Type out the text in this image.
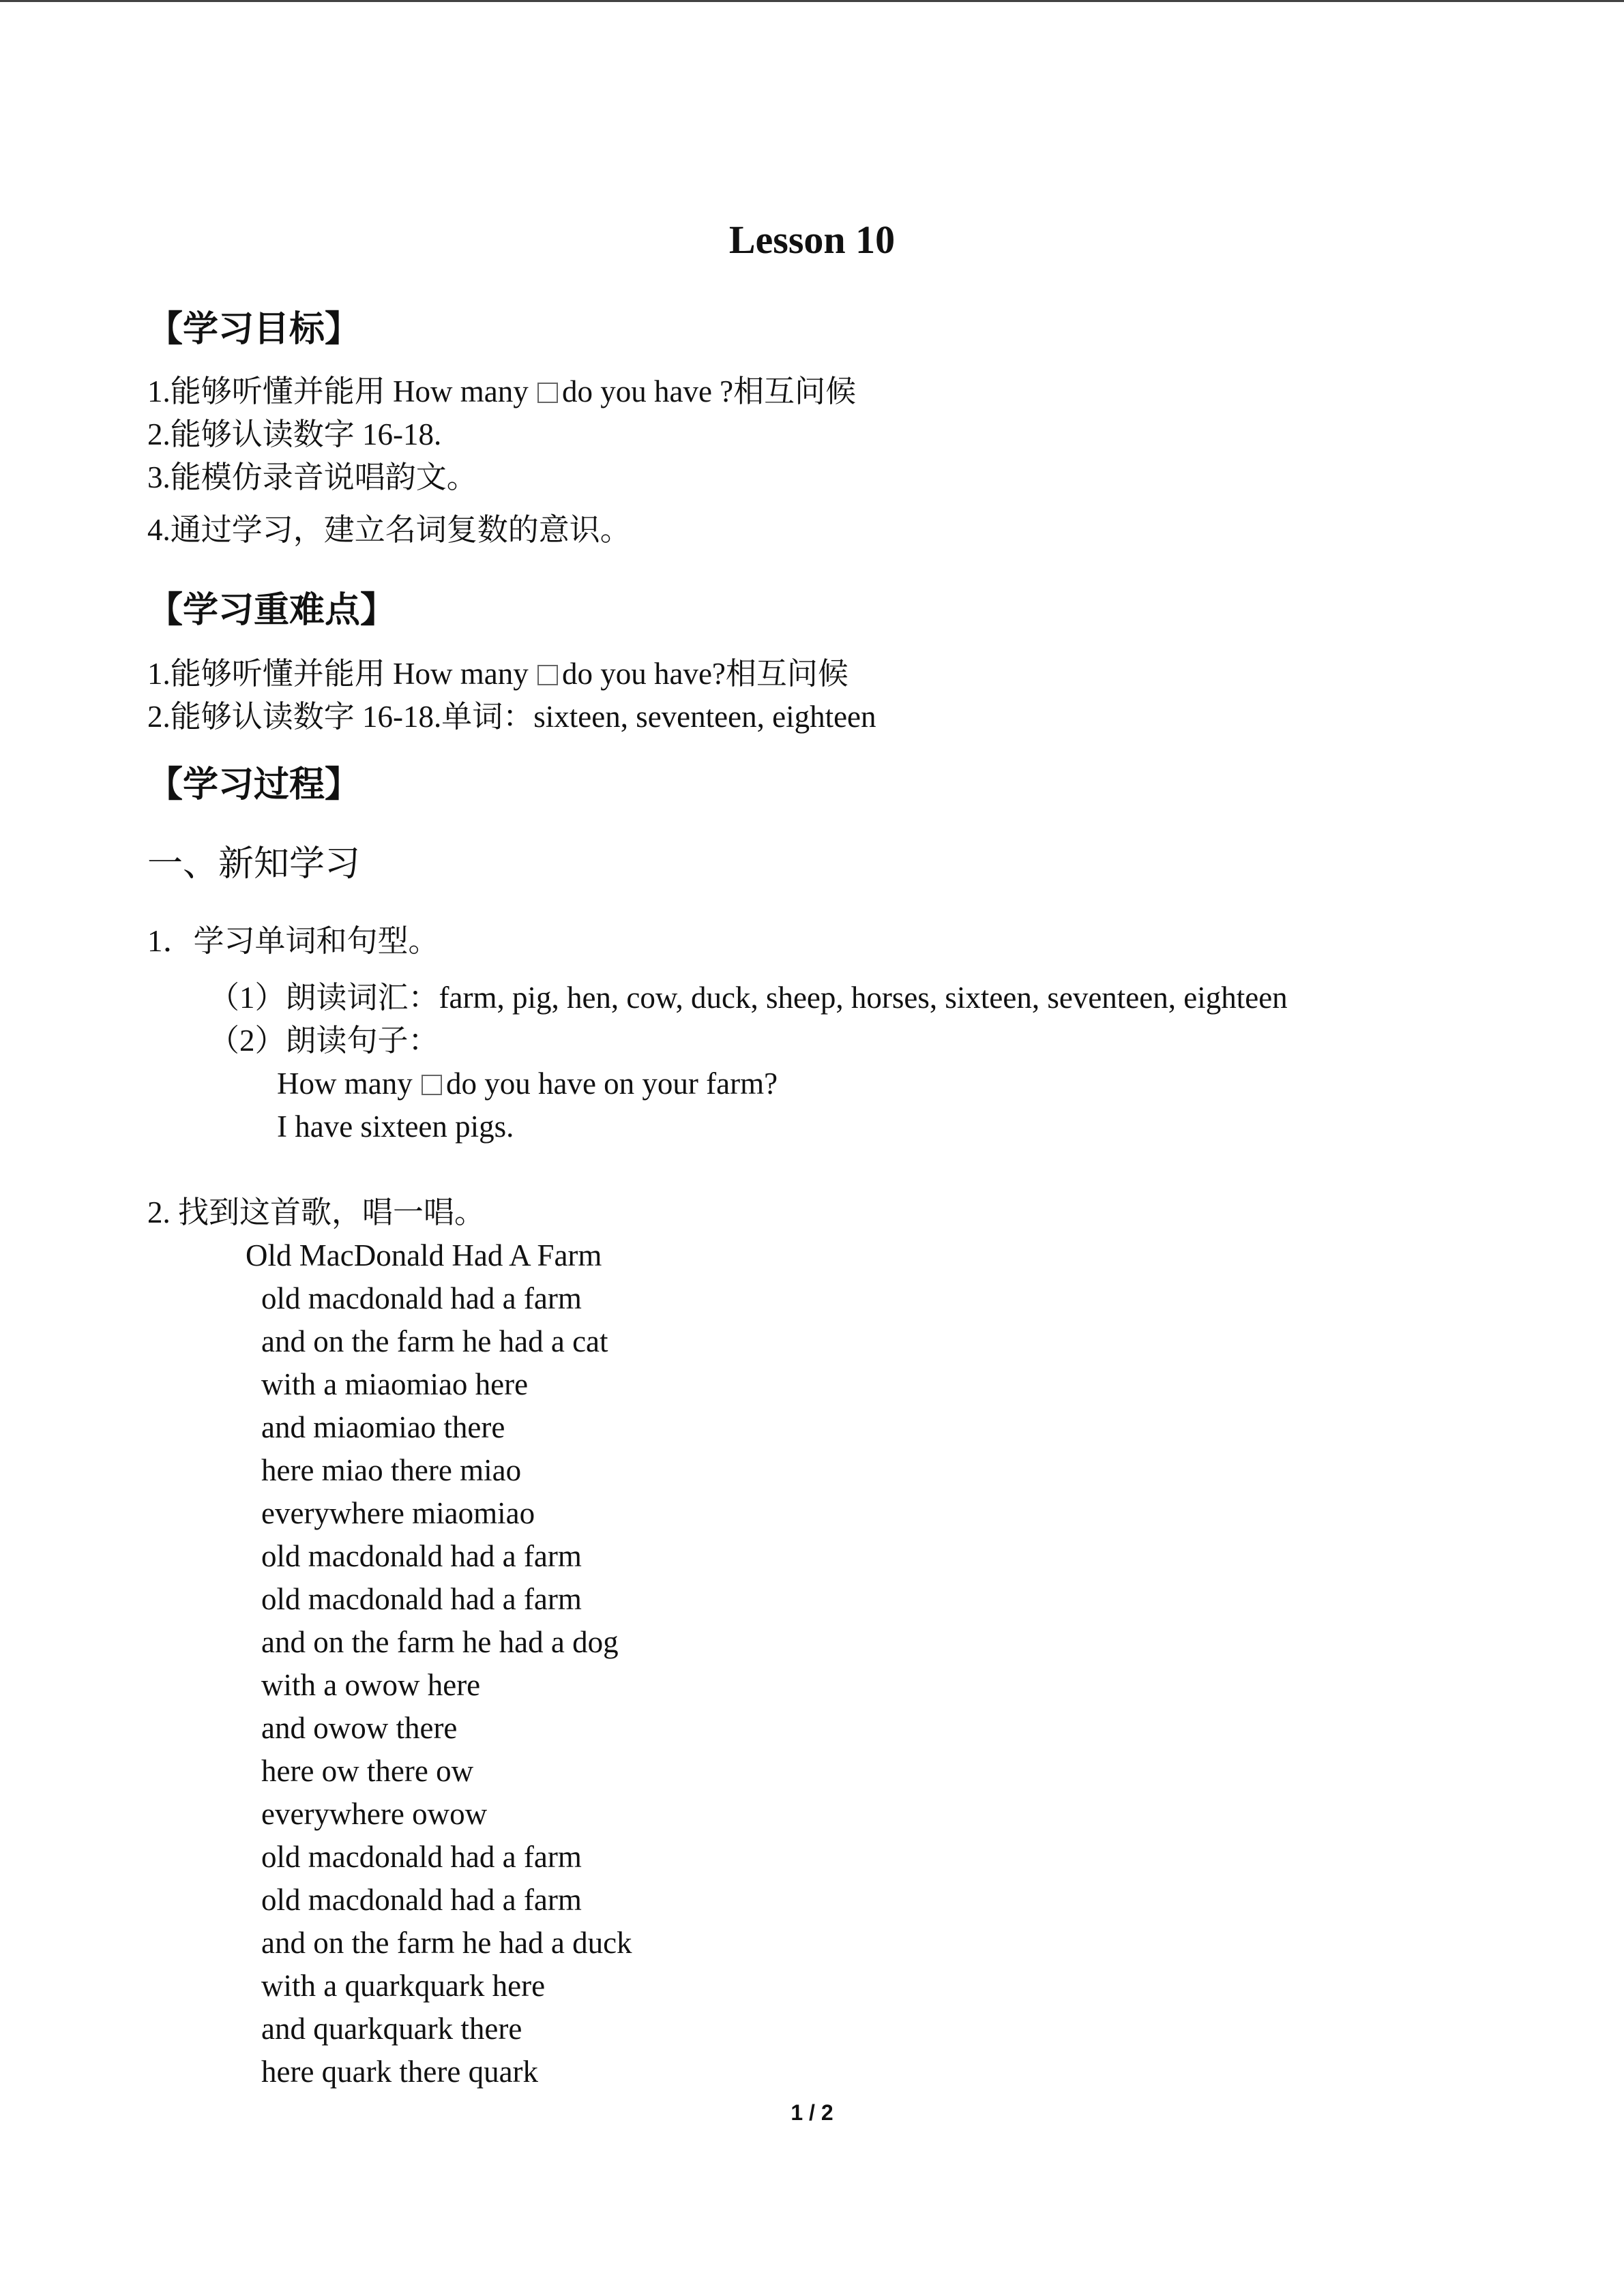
Lesson 10
【学习目标】
1.能够听懂并能用 How many do you have ?相互问候
2.能够认读数字 16-18.
3.能模仿录音说唱韵文。
4.通过学习，建立名词复数的意识。
【学习重难点】
1.能够听懂并能用 How many do you have?相互问候
2.能够认读数字 16-18.单词：sixteen, seventeen, eighteen
【学习过程】
一、新知学习
1．学习单词和句型。
（1）朗读词汇：farm, pig, hen, cow, duck, sheep, horses, sixteen, seventeen, eighteen
（2）朗读句子：
How many do you have on your farm?
I have sixteen pigs.
2. 找到这首歌，唱一唱。
Old MacDonald Had A Farm
old macdonald had a farm
and on the farm he had a cat
with a miaomiao here
and miaomiao there
here miao there miao
everywhere miaomiao
old macdonald had a farm
old macdonald had a farm
and on the farm he had a dog
with a owow here
and owow there
here ow there ow
everywhere owow
old macdonald had a farm
old macdonald had a farm
and on the farm he had a duck
with a quarkquark here
and quarkquark there
here quark there quark
1 / 2
